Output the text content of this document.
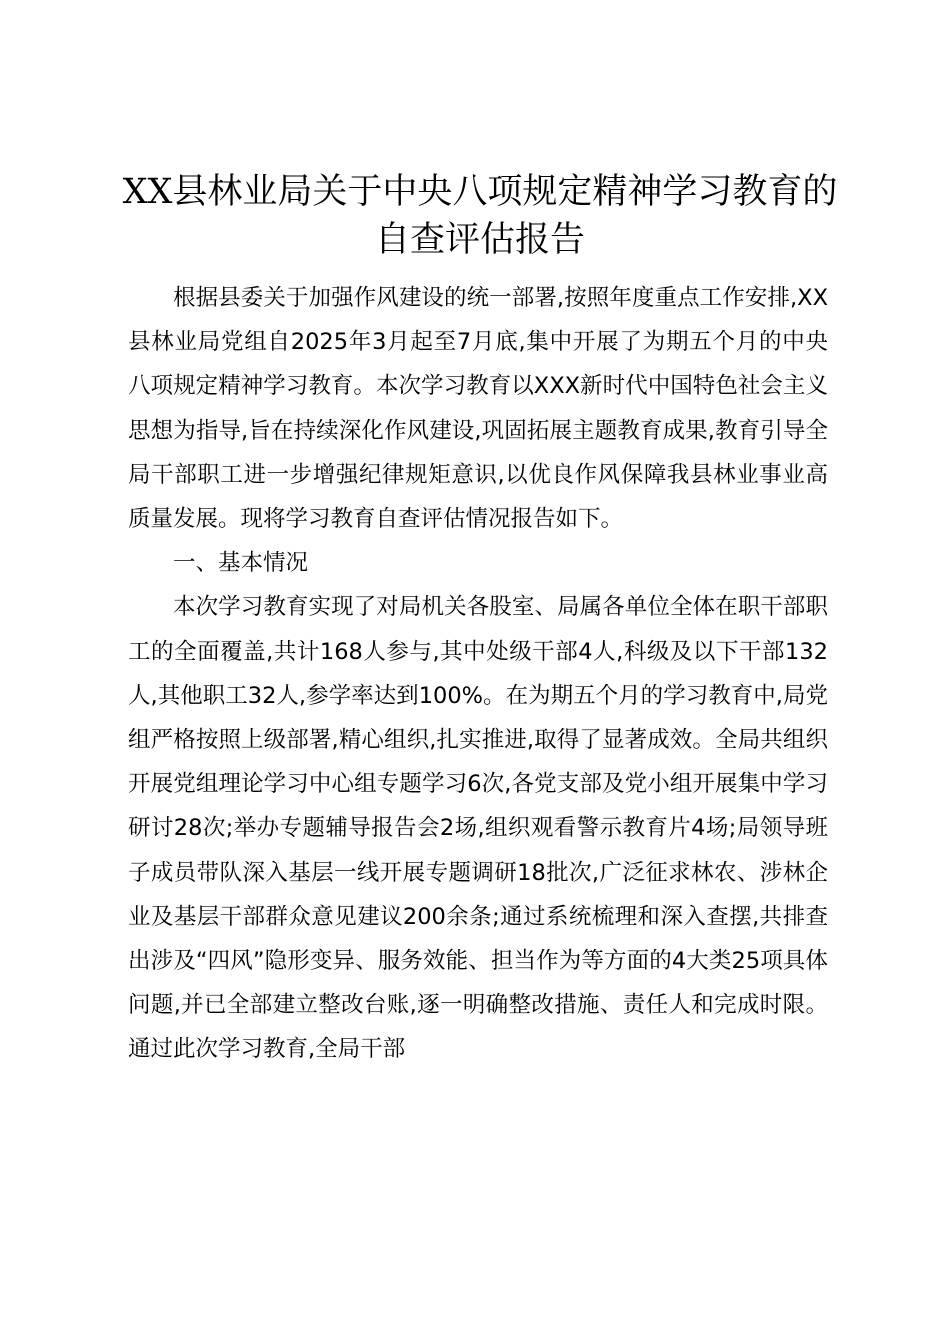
XX县林业局关于中央八项规定精神学习教育的自查评估报告

根据县委关于加强作风建设的统一部署,按照年度重点工作安排,XX县林业局党组自2025年3月起至7月底,集中开展了为期五个月的中央八项规定精神学习教育。本次学习教育以XXX新时代中国特色社会主义思想为指导,旨在持续深化作风建设,巩固拓展主题教育成果,教育引导全局干部职工进一步增强纪律规矩意识,以优良作风保障我县林业事业高质量发展。现将学习教育自查评估情况报告如下。

一、基本情况

本次学习教育实现了对局机关各股室、局属各单位全体在职干部职工的全面覆盖,共计168人参与,其中处级干部4人,科级及以下干部132人,其他职工32人,参学率达到100%。在为期五个月的学习教育中,局党组严格按照上级部署,精心组织,扎实推进,取得了显著成效。全局共组织开展党组理论学习中心组专题学习6次,各党支部及党小组开展集中学习研讨28次;举办专题辅导报告会2场,组织观看警示教育片4场;局领导班子成员带队深入基层一线开展专题调研18批次,广泛征求林农、涉林企业及基层干部群众意见建议200余条;通过系统梳理和深入查摆,共排查出涉及“四风”隐形变异、服务效能、担当作为等方面的4大类25项具体问题,并已全部建立整改台账,逐一明确整改措施、责任人和完成时限。通过此次学习教育,全局干部
